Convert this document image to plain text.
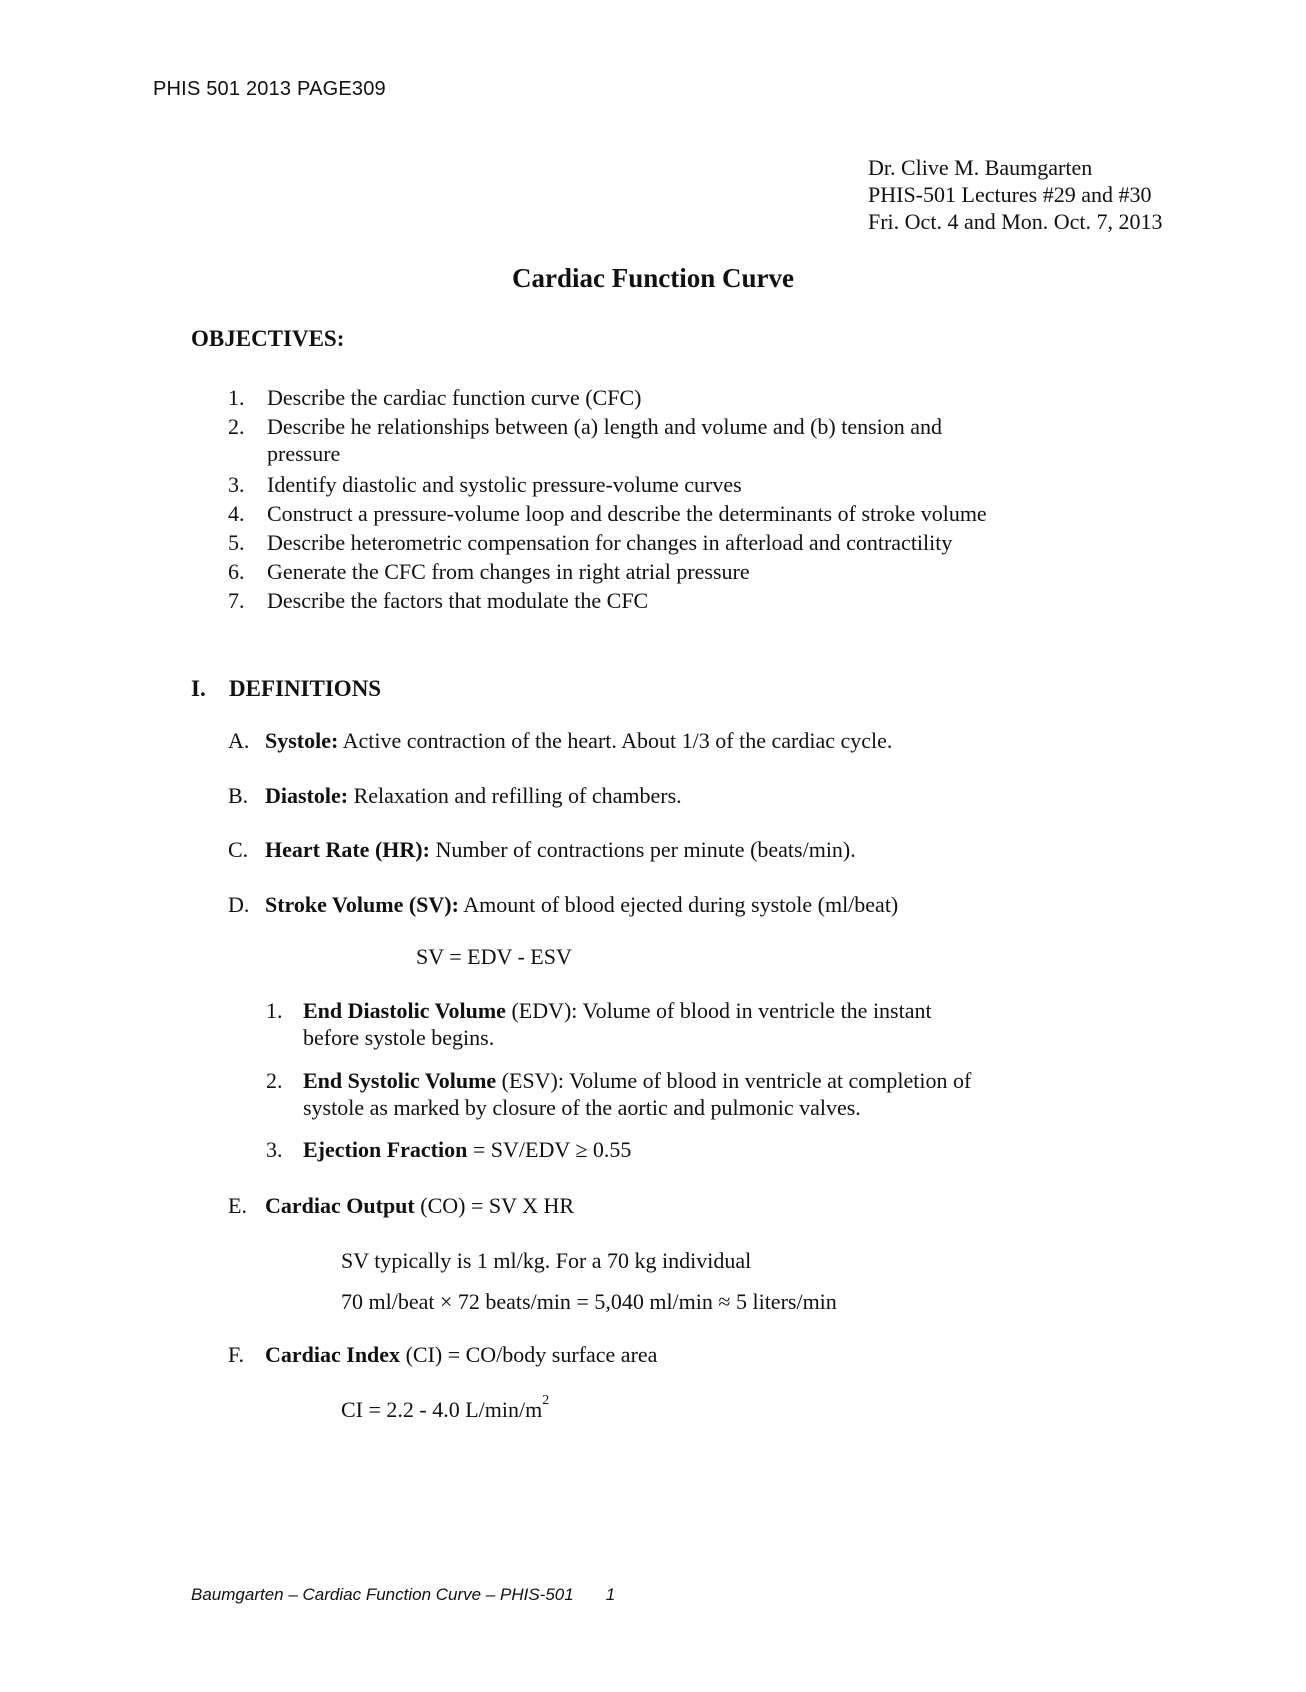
PHIS 501 2013 PAGE309
Dr. Clive M. Baumgarten
PHIS-501 Lectures #29 and #30
Fri. Oct. 4 and Mon. Oct. 7, 2013
Cardiac Function Curve
OBJECTIVES:
1.	Describe the cardiac function curve (CFC)
2.	Describe he relationships between (a) length and volume and (b) tension and
pressure
3.	Identify diastolic and systolic pressure-volume curves
4.	Construct a pressure-volume loop and describe the determinants of stroke volume
5.	Describe heterometric compensation for changes in afterload and contractility
6.	Generate the CFC from changes in right atrial pressure
7.	Describe the factors that modulate the CFC
I. DEFINITIONS
A. Systole: Active contraction of the heart. About 1/3 of the cardiac cycle.
B. Diastole: Relaxation and refilling of chambers.
C. Heart Rate (HR): Number of contractions per minute (beats/min).
D. Stroke Volume (SV): Amount of blood ejected during systole (ml/beat)
SV = EDV - ESV
1. End Diastolic Volume (EDV): Volume of blood in ventricle the instant
before systole begins.
2. End Systolic Volume (ESV): Volume of blood in ventricle at completion of
systole as marked by closure of the aortic and pulmonic valves.
3. Ejection Fraction = SV/EDV ≥ 0.55
E. Cardiac Output (CO) = SV X HR
SV typically is 1 ml/kg. For a 70 kg individual
70 ml/beat × 72 beats/min = 5,040 ml/min ≈ 5 liters/min
F. Cardiac Index (CI) = CO/body surface area
CI = 2.2 - 4.0 $L/\min/m^2$
Baumgarten – Cardiac Function Curve – PHIS-501 1
